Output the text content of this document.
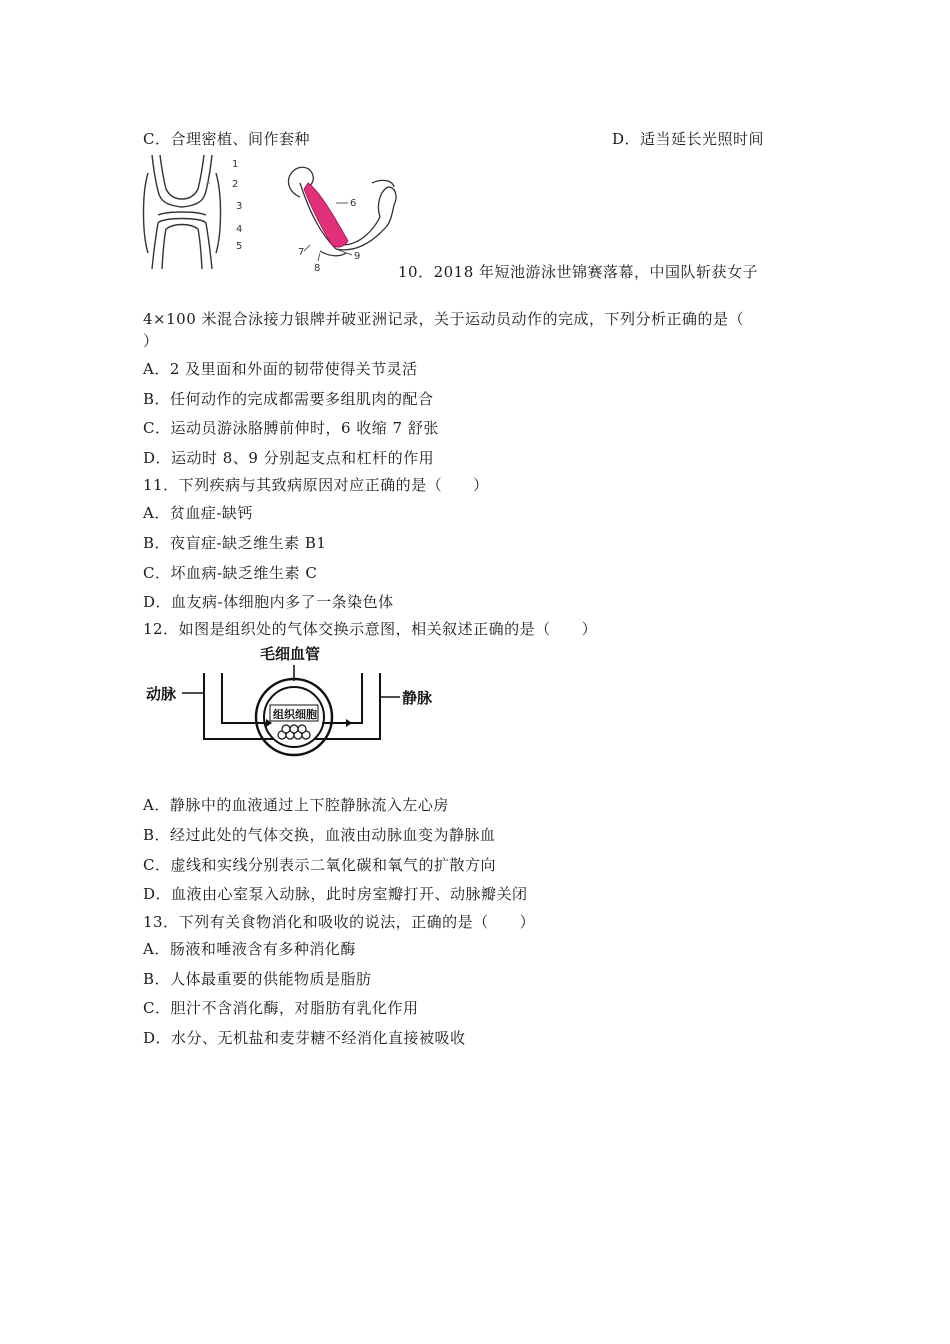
C．合理密植、间作套种	D．适当延长光照时间
1
2
3
4
5
6
7
8
9
10．2018 年短池游泳世锦赛落幕，中国队斩获女子
4×100 米混合泳接力银牌并破亚洲记录，关于运动员动作的完成，下列分析正确的是（
）
A．2 及里面和外面的韧带使得关节灵活
B．任何动作的完成都需要多组肌肉的配合
C．运动员游泳胳膊前伸时，6 收缩 7 舒张
D．运动时 8、9 分别起支点和杠杆的作用
11．下列疾病与其致病原因对应正确的是（　　）
A．贫血症-缺钙
B．夜盲症-缺乏维生素 B1
C．坏血病-缺乏维生素 C
D．血友病-体细胞内多了一条染色体
12．如图是组织处的气体交换示意图，相关叙述正确的是（　　）
毛细血管
动脉	静脉
组织细胞
A．静脉中的血液通过上下腔静脉流入左心房
B．经过此处的气体交换，血液由动脉血变为静脉血
C．虚线和实线分别表示二氧化碳和氧气的扩散方向
D．血液由心室泵入动脉，此时房室瓣打开、动脉瓣关闭
13．下列有关食物消化和吸收的说法，正确的是（　　）
A．肠液和唾液含有多种消化酶
B．人体最重要的供能物质是脂肪
C．胆汁不含消化酶，对脂肪有乳化作用
D．水分、无机盐和麦芽糖不经消化直接被吸收
